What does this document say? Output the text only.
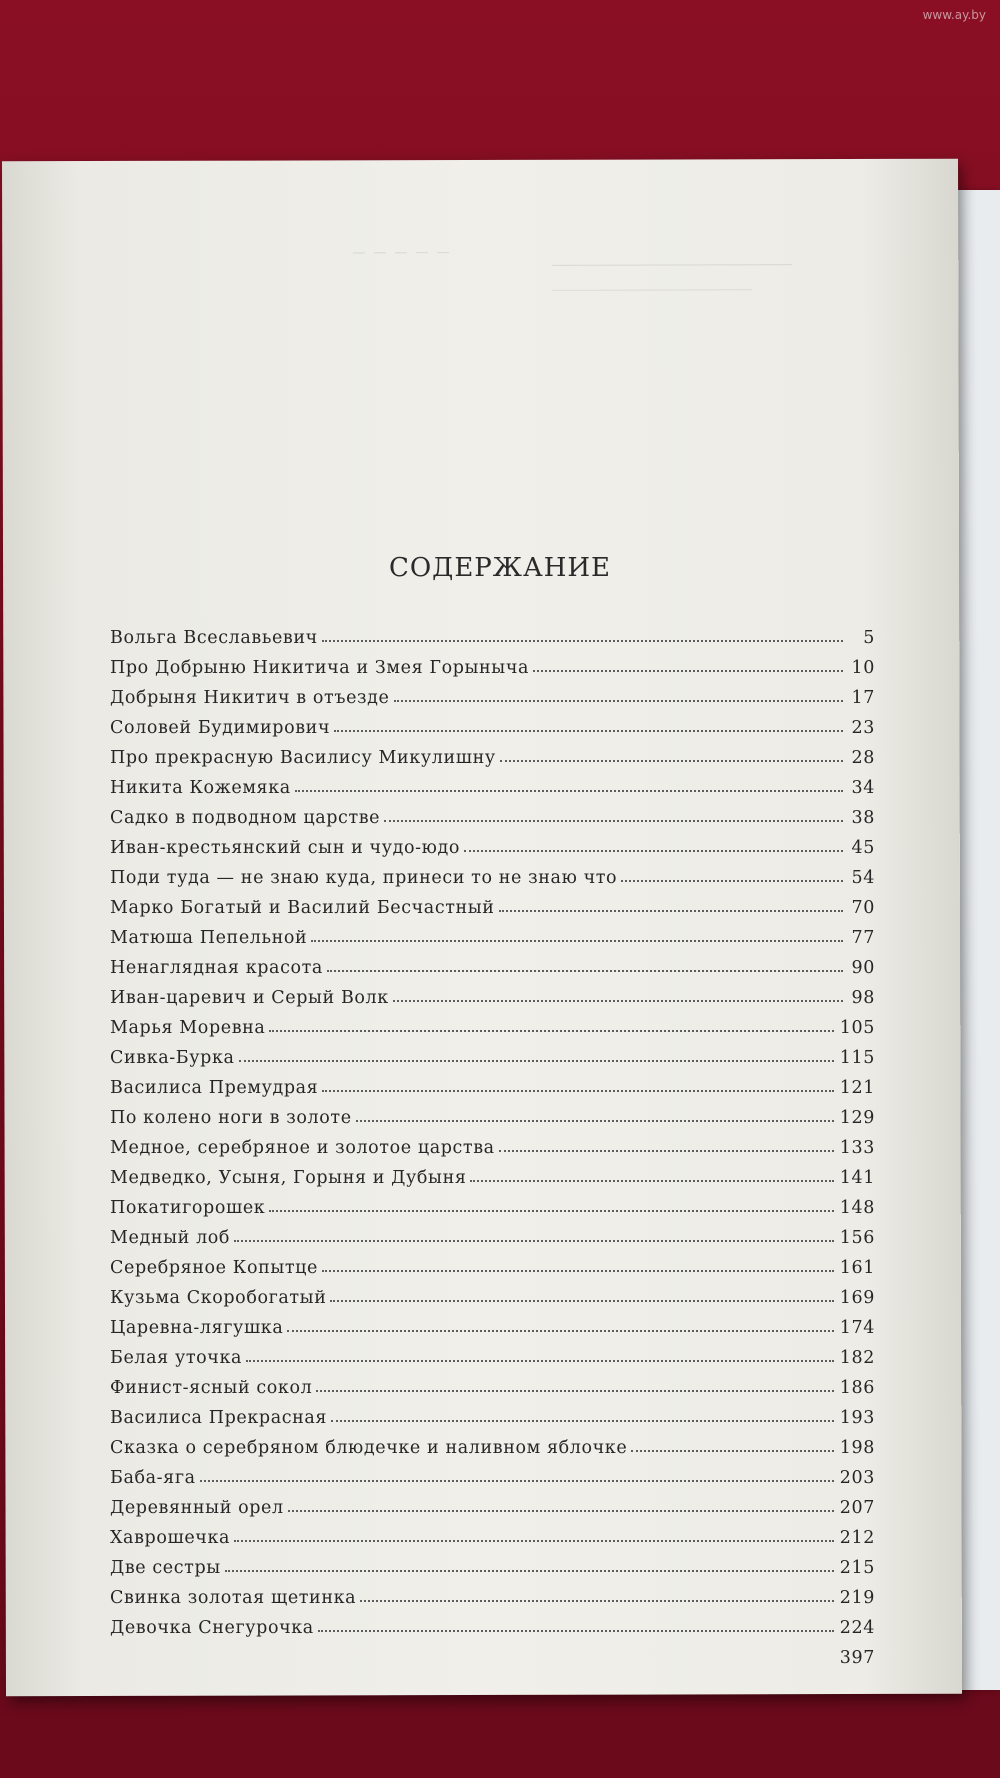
— — — — —
www.ay.by
СОДЕРЖАНИЕ
Вольга Всеславьевич	5
Про Добрыню Никитича и Змея Горыныча	10
Добрыня Никитич в отъезде	17
Соловей Будимирович	23
Про прекрасную Василису Микулишну	28
Никита Кожемяка	34
Садко в подводном царстве	38
Иван-крестьянский сын и чудо-юдо	45
Поди туда — не знаю куда, принеси то не знаю что	54
Марко Богатый и Василий Бесчастный	70
Матюша Пепельной	77
Ненаглядная красота	90
Иван-царевич и Серый Волк	98
Марья Моревна	105
Сивка-Бурка	115
Василиса Премудрая	121
По колено ноги в золоте	129
Медное, серебряное и золотое царства	133
Медведко, Усыня, Горыня и Дубыня	141
Покатигорошек	148
Медный лоб	156
Серебряное Копытце	161
Кузьма Скоробогатый	169
Царевна-лягушка	174
Белая уточка	182
Финист-ясный сокол	186
Василиса Прекрасная	193
Сказка о серебряном блюдечке и наливном яблочке	198
Баба-яга	203
Деревянный орел	207
Хаврошечка	212
Две сестры	215
Свинка золотая щетинка	219
Девочка Снегурочка	224
397
